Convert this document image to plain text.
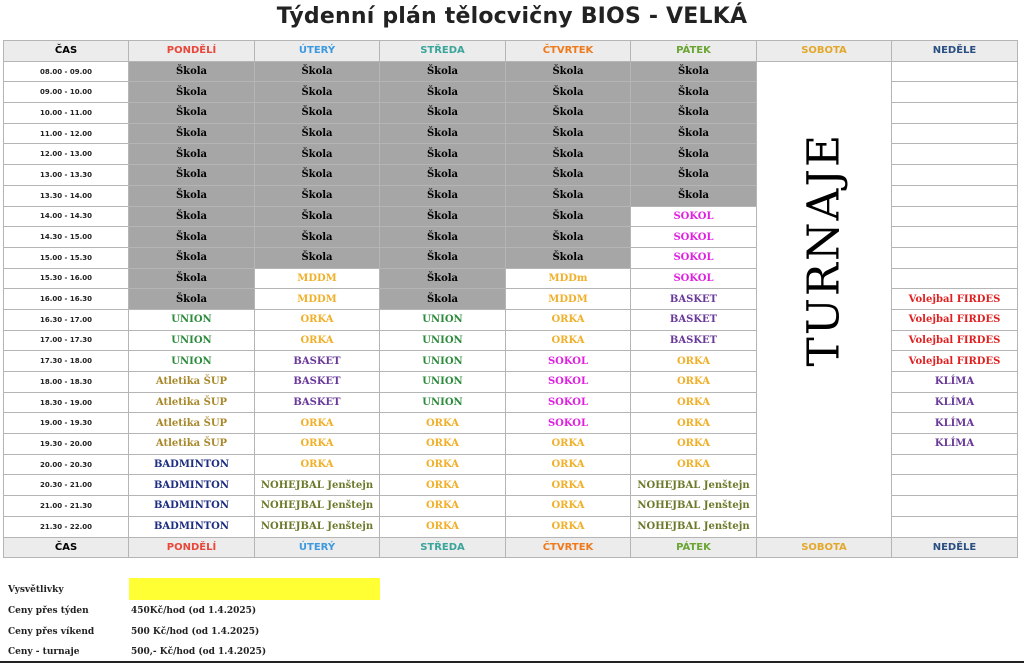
Týdenní plán tělocvičny BIOS - VELKÁ
ČAS	PONDĚLÍ	ÚTERÝ	STŘEDA	ČTVRTEK	PÁTEK	SOBOTA	NEDĚLE
08.00 - 09.00	Škola	Škola	Škola	Škola	Škola	TURNAJE	

09.00 - 10.00	Škola	Škola	Škola	Škola	Škola		
10.00 - 11.00	Škola	Škola	Škola	Škola	Škola		
11.00 - 12.00	Škola	Škola	Škola	Škola	Škola		
12.00 - 13.00	Škola	Škola	Škola	Škola	Škola		
13.00 - 13.30	Škola	Škola	Škola	Škola	Škola		
13.30 - 14.00	Škola	Škola	Škola	Škola	Škola		
14.00 - 14.30	Škola	Škola	Škola	Škola	SOKOL		
14.30 - 15.00	Škola	Škola	Škola	Škola	SOKOL		
15.00 - 15.30	Škola	Škola	Škola	Škola	SOKOL		
15.30 - 16.00	Škola	MDDM	Škola	MDDm	SOKOL		
16.00 - 16.30	Škola	MDDM	Škola	MDDM	BASKET		Volejbal FIRDES
16.30 - 17.00	UNION	ORKA	UNION	ORKA	BASKET		Volejbal FIRDES
17.00 - 17.30	UNION	ORKA	UNION	ORKA	BASKET		Volejbal FIRDES
17.30 - 18.00	UNION	BASKET	UNION	SOKOL	ORKA		Volejbal FIRDES
18.00 - 18.30	Atletika ŠUP	BASKET	UNION	SOKOL	ORKA		KLÍMA
18.30 - 19.00	Atletika ŠUP	BASKET	UNION	SOKOL	ORKA		KLÍMA
19.00 - 19.30	Atletika ŠUP	ORKA	ORKA	SOKOL	ORKA		KLÍMA
19.30 - 20.00	Atletika ŠUP	ORKA	ORKA	ORKA	ORKA		KLÍMA
20.00 - 20.30	BADMINTON	ORKA	ORKA	ORKA	ORKA		
20.30 - 21.00	BADMINTON	NOHEJBAL Jenštejn	ORKA	ORKA	NOHEJBAL Jenštejn		
21.00 - 21.30	BADMINTON	NOHEJBAL Jenštejn	ORKA	ORKA	NOHEJBAL Jenštejn		
21.30 - 22.00	BADMINTON	NOHEJBAL Jenštejn	ORKA	ORKA	NOHEJBAL Jenštejn		
ČAS	PONDĚLÍ	ÚTERÝ	STŘEDA	ČTVRTEK	PÁTEK	SOBOTA	NEDĚLE
Vysvětlivky
Ceny přes týden	450Kč/hod (od 1.4.2025)
Ceny přes víkend	500 Kč/hod (od 1.4.2025)
Ceny - turnaje	500,- Kč/hod (od 1.4.2025)
